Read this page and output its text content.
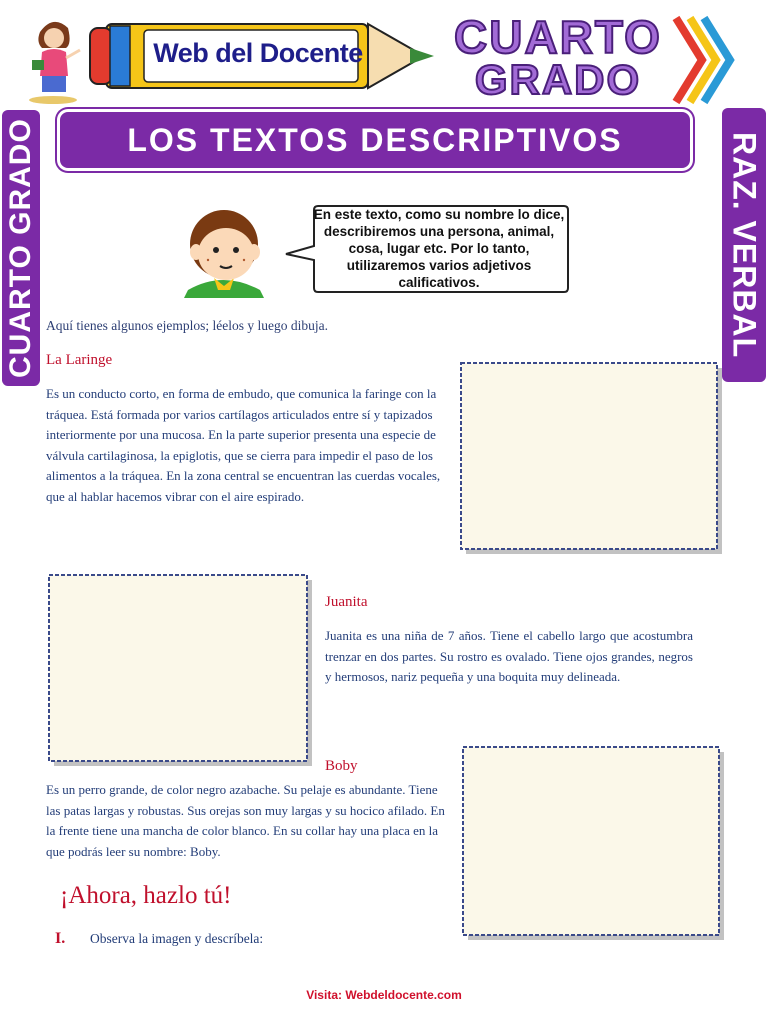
Web del Docente	CUARTO
GRADO
LOS TEXTOS DESCRIPTIVOS
CUARTO GRADO	RAZ. VERBAL
En este texto, como su nombre lo dice, describiremos una persona, animal, cosa, lugar etc. Por lo tanto, utilizaremos varios adjetivos calificativos.
Aquí tienes algunos ejemplos; léelos y luego dibuja.
La Laringe
Es un conducto corto, en forma de embudo, que comunica la faringe con la tráquea. Está formada por varios cartílagos articulados entre sí y tapizados interiormente por una mucosa. En la parte superior presenta una especie de válvula cartilaginosa, la epiglotis, que se cierra para impedir el paso de los alimentos a la tráquea. En la zona central se encuentran las cuerdas vocales, que al hablar hacemos vibrar con el aire espirado.
Juanita
Juanita es una niña de 7 años. Tiene el cabello largo que acostumbra trenzar en dos partes. Su rostro es ovalado. Tiene ojos grandes, negros y hermosos, nariz pequeña y una boquita muy delineada.
Boby
Es un perro grande, de color negro azabache. Su pelaje es abundante. Tiene las patas largas y robustas. Sus orejas son muy largas y su hocico afilado. En la frente tiene una mancha de color blanco. En su collar hay una placa en la que podrás leer su nombre: Boby.
¡Ahora, hazlo tú!
I. Observa la imagen y descríbela:
Visita: Webdeldocente.com
